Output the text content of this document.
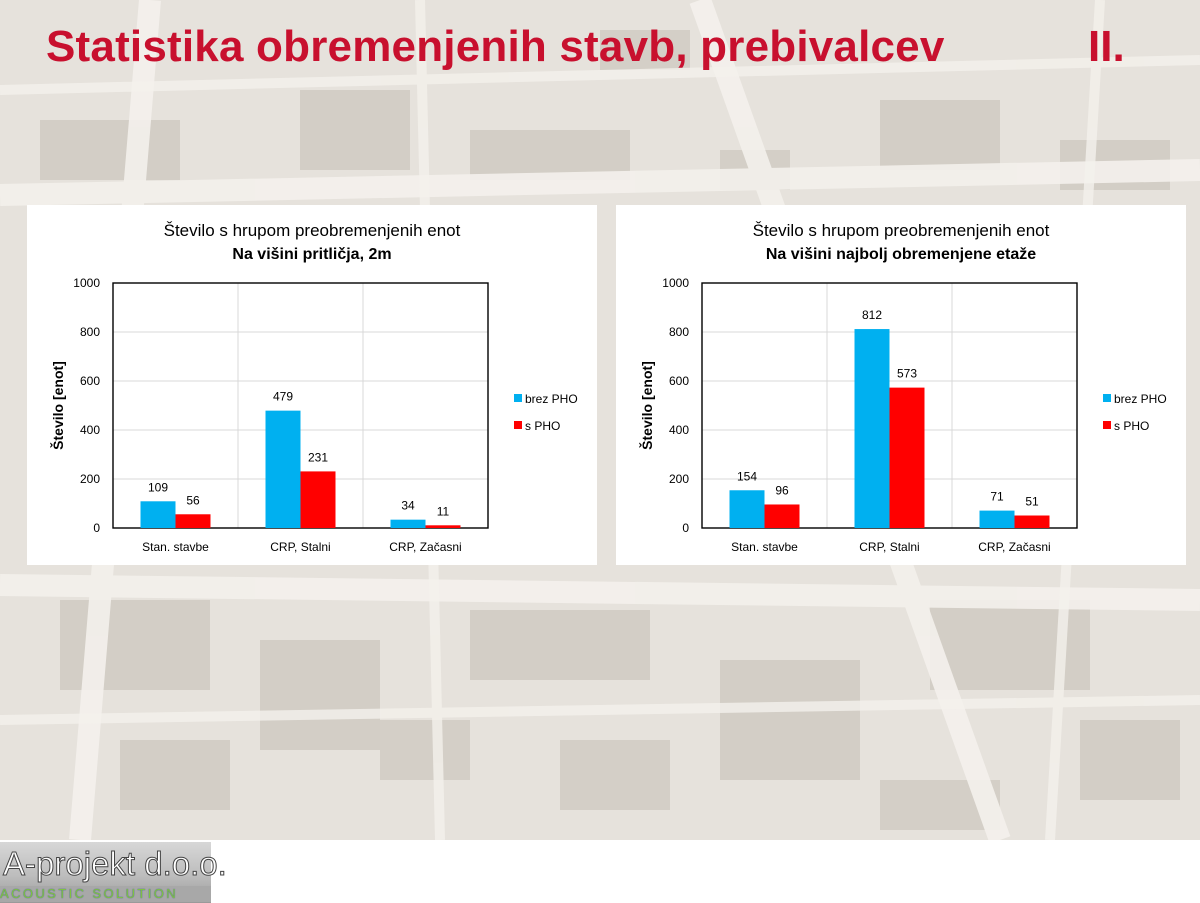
Statistika obremenjenih stavb, prebivalcev	II.
Število s hrupom preobremenjenih enot
Na višini pritličja, 2m
0
200
400
600
800
1000
109
56
Stan. stavbe
479
231
CRP, Stalni
34 11
CRP, Začasni
Število [enot]	brez PHO
s PHO
Število s hrupom preobremenjenih enot
Na višini najbolj obremenjene etaže
0
200
400
600
800
1000
154
96
Stan. stavbe
812
573
CRP, Stalni
71 51
CRP, Začasni
Število [enot]	brez PHO
s PHO
A-projekt d.o.o.
ACOUSTIC SOLUTION
